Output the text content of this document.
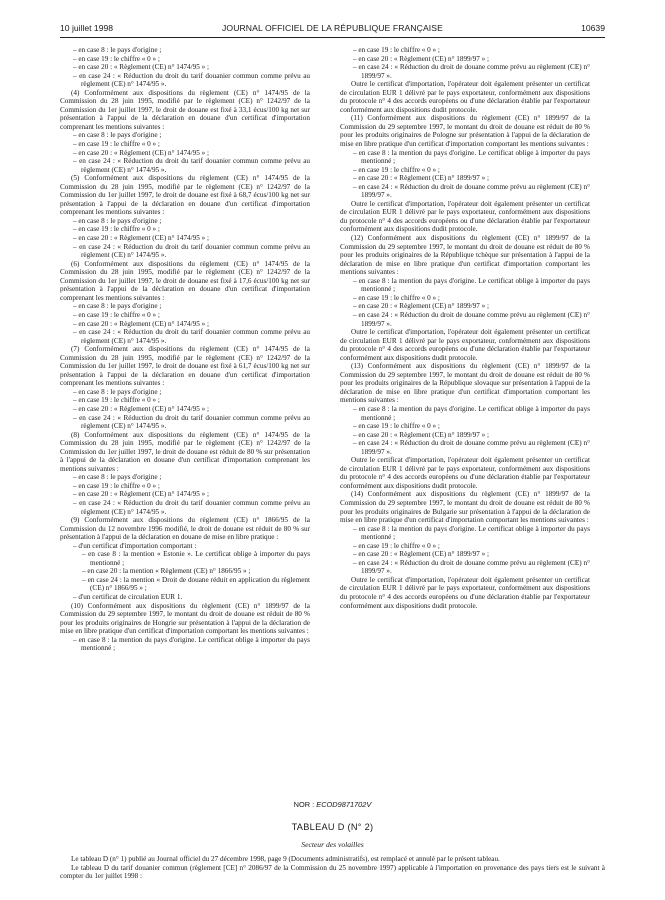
10 juillet 1998	JOURNAL OFFICIEL DE LA RÉPUBLIQUE FRANÇAISE	10639

– en case 8 : le pays d'origine ;

– en case 19 : le chiffre « 0 » ;

– en case 20 : « Règlement (CE) n° 1474/95 » ;

– en case 24 : « Réduction du droit du tarif douanier commun comme prévu au règlement (CE) n° 1474/95 ».

(4) Conformément aux dispositions du règlement (CE) n° 1474/95 de la Commission du 28 juin 1995, modifié par le règlement (CE) n° 1242/97 de la Commission du 1er juillet 1997, le droit de douane est fixé à 33,1 écus/100 kg net sur présentation à l'appui de la déclaration en douane d'un certificat d'importation comprenant les mentions suivantes :

– en case 8 : le pays d'origine ;

– en case 19 : le chiffre « 0 » ;

– en case 20 : « Règlement (CE) n° 1474/95 » ;

– en case 24 : « Réduction du droit du tarif douanier commun comme prévu au règlement (CE) n° 1474/95 ».

(5) Conformément aux dispositions du règlement (CE) n° 1474/95 de la Commission du 28 juin 1995, modifié par le règlement (CE) n° 1242/97 de la Commission du 1er juillet 1997, le droit de douane est fixé à 68,7 écus/100 kg net sur présentation à l'appui de la déclaration en douane d'un certificat d'importation comprenant les mentions suivantes :

– en case 8 : le pays d'origine ;

– en case 19 : le chiffre « 0 » ;

– en case 20 : « Règlement (CE) n° 1474/95 » ;

– en case 24 : « Réduction du droit du tarif douanier commun comme prévu au règlement (CE) n° 1474/95 ».

(6) Conformément aux dispositions du règlement (CE) n° 1474/95 de la Commission du 28 juin 1995, modifié par le règlement (CE) n° 1242/97 de la Commission du 1er juillet 1997, le droit de douane est fixé à 17,6 écus/100 kg net sur présentation à l'appui de la déclaration en douane d'un certificat d'importation comprenant les mentions suivantes :

– en case 8 : le pays d'origine ;

– en case 19 : le chiffre « 0 » ;

– en case 20 : « Règlement (CE) n° 1474/95 » ;

– en case 24 : « Réduction du droit du tarif douanier commun comme prévu au règlement (CE) n° 1474/95 ».

(7) Conformément aux dispositions du règlement (CE) n° 1474/95 de la Commission du 28 juin 1995, modifié par le règlement (CE) n° 1242/97 de la Commission du 1er juillet 1997, le droit de douane est fixé à 61,7 écus/100 kg net sur présentation à l'appui de la déclaration en douane d'un certificat d'importation comprenant les mentions suivantes :

– en case 8 : le pays d'origine ;

– en case 19 : le chiffre « 0 » ;

– en case 20 : « Règlement (CE) n° 1474/95 » ;

– en case 24 : « Réduction du droit du tarif douanier commun comme prévu au règlement (CE) n° 1474/95 ».

(8) Conformément aux dispositions du règlement (CE) n° 1474/95 de la Commission du 28 juin 1995, modifié par le règlement (CE) n° 1242/97 de la Commission du 1er juillet 1997, le droit de douane est réduit de 80 % sur présentation à l'appui de la déclaration en douane d'un certificat d'importation comprenant les mentions suivantes :

– en case 8 : le pays d'origine ;

– en case 19 : le chiffre « 0 » ;

– en case 20 : « Règlement (CE) n° 1474/95 » ;

– en case 24 : « Réduction du droit du tarif douanier commun comme prévu au règlement (CE) n° 1474/95 ».

(9) Conformément aux dispositions du règlement (CE) n° 1866/95 de la Commission du 12 novembre 1996 modifié, le droit de douane est réduit de 80 % sur présentation à l'appui de la déclaration en douane de mise en libre pratique :

– d'un certificat d'importation comportant :

– en case 8 : la mention « Estonie ». Le certificat oblige à importer du pays mentionné ;

– en case 20 : la mention « Règlement (CE) n° 1866/95 » ;

– en case 24 : la mention « Droit de douane réduit en application du règlement (CE) n° 1866/95 » ;

– d'un certificat de circulation EUR 1.

(10) Conformément aux dispositions du règlement (CE) n° 1899/97 de la Commission du 29 septembre 1997, le montant du droit de douane est réduit de 80 % pour les produits originaires de Hongrie sur présentation à l'appui de la déclaration de mise en libre pratique d'un certificat d'importation comportant les mentions suivantes :

– en case 8 : la mention du pays d'origine. Le certificat oblige à importer du pays mentionné ;

– en case 19 : le chiffre « 0 » ;

– en case 20 : « Règlement (CE) n° 1899/97 » ;

– en case 24 : « Réduction du droit de douane comme prévu au règlement (CE) n° 1899/97 ».

Outre le certificat d'importation, l'opérateur doit également présenter un certificat de circulation EUR 1 délivré par le pays exportateur, conformément aux dispositions du protocole n° 4 des accords européens ou d'une déclaration établie par l'exportateur conformément aux dispositions dudit protocole.

(11) Conformément aux dispositions du règlement (CE) n° 1899/97 de la Commission du 29 septembre 1997, le montant du droit de douane est réduit de 80 % pour les produits originaires de Pologne sur présentation à l'appui de la déclaration de mise en libre pratique d'un certificat d'importation comportant les mentions suivantes :

– en case 8 : la mention du pays d'origine. Le certificat oblige à importer du pays mentionné ;

– en case 19 : le chiffre « 0 » ;

– en case 20 : « Règlement (CE) n° 1899/97 » ;

– en case 24 : « Réduction du droit de douane comme prévu au règlement (CE) n° 1899/97 ».

Outre le certificat d'importation, l'opérateur doit également présenter un certificat de circulation EUR 1 délivré par le pays exportateur, conformément aux dispositions du protocole n° 4 des accords européens ou d'une déclaration établie par l'exportateur conformément aux dispositions dudit protocole.

(12) Conformément aux dispositions du règlement (CE) n° 1899/97 de la Commission du 29 septembre 1997, le montant du droit de douane est réduit de 80 % pour les produits originaires de la République tchèque sur présentation à l'appui de la déclaration de mise en libre pratique d'un certificat d'importation comportant les mentions suivantes :

– en case 8 : la mention du pays d'origine. Le certificat oblige à importer du pays mentionné ;

– en case 19 : le chiffre « 0 » ;

– en case 20 : « Règlement (CE) n° 1899/97 » ;

– en case 24 : « Réduction du droit de douane comme prévu au règlement (CE) n° 1899/97 ».

Outre le certificat d'importation, l'opérateur doit également présenter un certificat de circulation EUR 1 délivré par le pays exportateur, conformément aux dispositions du protocole n° 4 des accords européens ou d'une déclaration établie par l'exportateur conformément aux dispositions dudit protocole.

(13) Conformément aux dispositions du règlement (CE) n° 1899/97 de la Commission du 29 septembre 1997, le montant du droit de douane est réduit de 80 % pour les produits originaires de la République slovaque sur présentation à l'appui de la déclaration de mise en libre pratique d'un certificat d'importation comportant les mentions suivantes :

– en case 8 : la mention du pays d'origine. Le certificat oblige à importer du pays mentionné ;

– en case 19 : le chiffre « 0 » ;

– en case 20 : « Règlement (CE) n° 1899/97 » ;

– en case 24 : « Réduction du droit de douane comme prévu au règlement (CE) n° 1899/97 ».

Outre le certificat d'importation, l'opérateur doit également présenter un certificat de circulation EUR 1 délivré par le pays exportateur, conformément aux dispositions du protocole n° 4 des accords européens ou d'une déclaration établie par l'exportateur conformément aux dispositions dudit protocole.

(14) Conformément aux dispositions du règlement (CE) n° 1899/97 de la Commission du 29 septembre 1997, le montant du droit de douane est réduit de 80 % pour les produits originaires de Bulgarie sur présentation à l'appui de la déclaration de mise en libre pratique d'un certificat d'importation comportant les mentions suivantes :

– en case 8 : la mention du pays d'origine. Le certificat oblige à importer du pays mentionné ;

– en case 19 : le chiffre « 0 » ;

– en case 20 : « Règlement (CE) n° 1899/97 » ;

– en case 24 : « Réduction du droit de douane comme prévu au règlement (CE) n° 1899/97 ».

Outre le certificat d'importation, l'opérateur doit également présenter un certificat de circulation EUR 1 délivré par le pays exportateur, conformément aux dispositions du protocole n° 4 des accords européens ou d'une déclaration établie par l'exportateur conformément aux dispositions dudit protocole.

NOR : ECOD9871702V
TABLEAU D (N° 2)
Secteur des volailles

Le tableau D (n° 1) publié au Journal officiel du 27 décembre 1998, page 9 (Documents administratifs), est remplacé et annulé par le présent tableau.

Le tableau D du tarif douanier commun (règlement [CE] n° 2086/97 de la Commission du 25 novembre 1997) applicable à l'importation en provenance des pays tiers est le suivant à compter du 1er juillet 1998 :
